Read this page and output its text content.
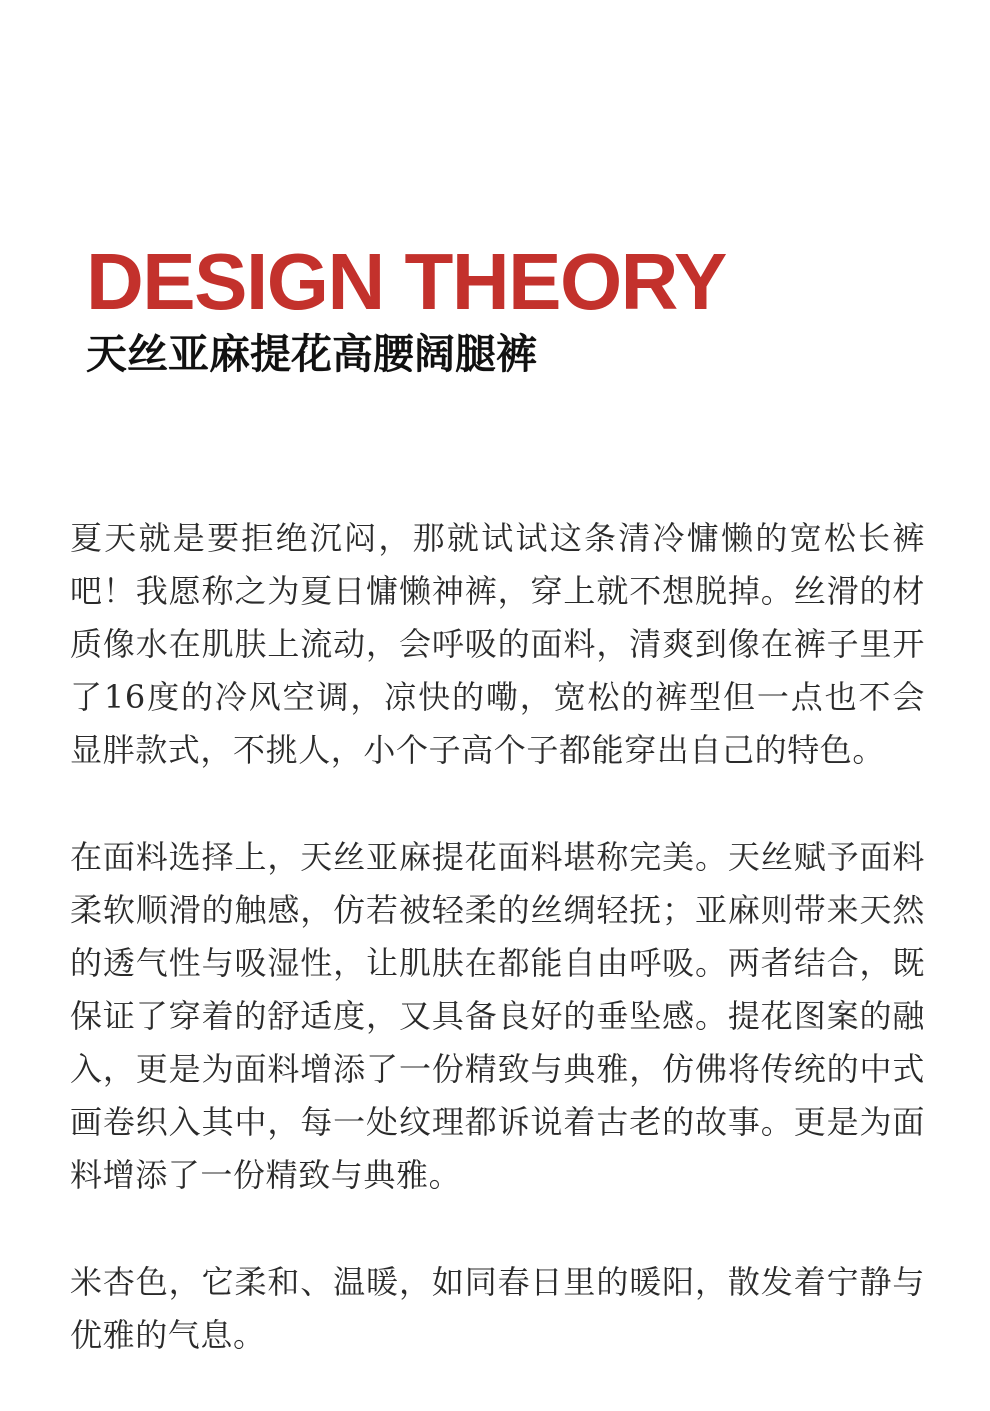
DESIGN THEORY
天丝亚麻提花高腰阔腿裤

夏天就是要拒绝沉闷，那就试试这条清冷慵懒的宽松长裤吧！我愿称之为夏日慵懒神裤，穿上就不想脱掉。丝滑的材质像水在肌肤上流动，会呼吸的面料，清爽到像在裤子里开了16度的冷风空调，凉快的嘞，宽松的裤型但一点也不会显胖款式，不挑人，小个子高个子都能穿出自己的特色。

在面料选择上，天丝亚麻提花面料堪称完美。天丝赋予面料柔软顺滑的触感，仿若被轻柔的丝绸轻抚；亚麻则带来天然的透气性与吸湿性，让肌肤在都能自由呼吸。两者结合，既保证了穿着的舒适度，又具备良好的垂坠感。提花图案的融入，更是为面料增添了一份精致与典雅，仿佛将传统的中式画卷织入其中，每一处纹理都诉说着古老的故事。更是为面料增添了一份精致与典雅。

米杏色，它柔和、温暖，如同春日里的暖阳，散发着宁静与优雅的气息。
